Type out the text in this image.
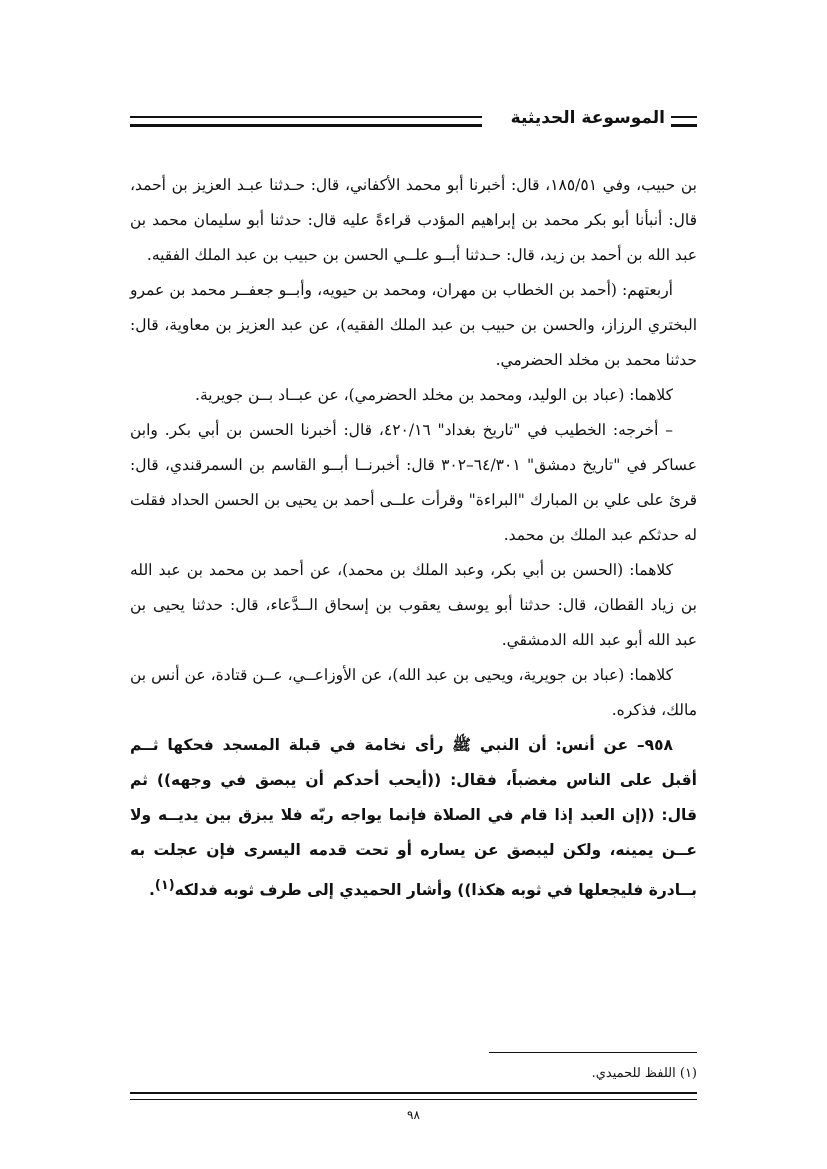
الموسوعة الحديثية

بن حبيب، وفي ١٨٥/٥١، قال: أخبرنا أبو محمد الأكفاني، قال: حـدثنا عبـد العزيز بن أحمد، قال: أنبأنا أبو بكر محمد بن إبراهيم المؤدب قراءةً عليه قال: حدثنا أبو سليمان محمد بن عبد الله بن أحمد بن زيد، قال: حـدثنا أبــو علــي الحسن بن حبيب بن عبد الملك الفقيه.

أربعتهم: (أحمد بن الخطاب بن مهران، ومحمد بن حيويه، وأبــو جعفــر محمد بن عمرو البختري الرزاز، والحسن بن حبيب بن عبد الملك الفقيه)، عن عبد العزيز بن معاوية، قال: حدثنا محمد بن مخلد الحضرمي.

كلاهما: (عباد بن الوليد، ومحمد بن مخلد الحضرمي)، عن عبــاد بــن جويرية.

– أخرجه: الخطيب في "تاريخ بغداد" ٤٢٠/١٦، قال: أخبرنا الحسن بن أبي بكر. وابن عساكر في "تاريخ دمشق" ٦٤/٣٠١–٣٠٢ قال: أخبرنــا أبــو القاسم بن السمرقندي، قال: قرئ على علي بن المبارك "البراءة" وقرأت علــى أحمد بن يحيى بن الحسن الحداد فقلت له حدثكم عبد الملك بن محمد.

كلاهما: (الحسن بن أبي بكر، وعبد الملك بن محمد)، عن أحمد بن محمد بن عبد الله بن زياد القطان، قال: حدثنا أبو يوسف يعقوب بن إسحاق الــدَّعاء، قال: حدثنا يحيى بن عبد الله أبو عبد الله الدمشقي.

كلاهما: (عباد بن جويرية، ويحيى بن عبد الله)، عن الأوزاعــي، عــن قتادة، عن أنس بن مالك، فذكره.

٩٥٨– عن أنس: أن النبي ﷺ رأى نخامة في قبلة المسجد فحكها ثــم أقبل على الناس مغضباً، فقال: ((أيحب أحدكم أن يبصق في وجهه)) ثم قال: ((إن العبد إذا قام في الصلاة فإنما يواجه ربّه فلا يبزق بين يديــه ولا عــن يمينه، ولكن ليبصق عن يساره أو تحت قدمه اليسرى فإن عجلت به بــادرة فليجعلها في ثوبه هكذا)) وأشار الحميدي إلى طرف ثوبه فدلكه$^{(١)}$.

(١) اللفظ للحميدي.
٩٨
